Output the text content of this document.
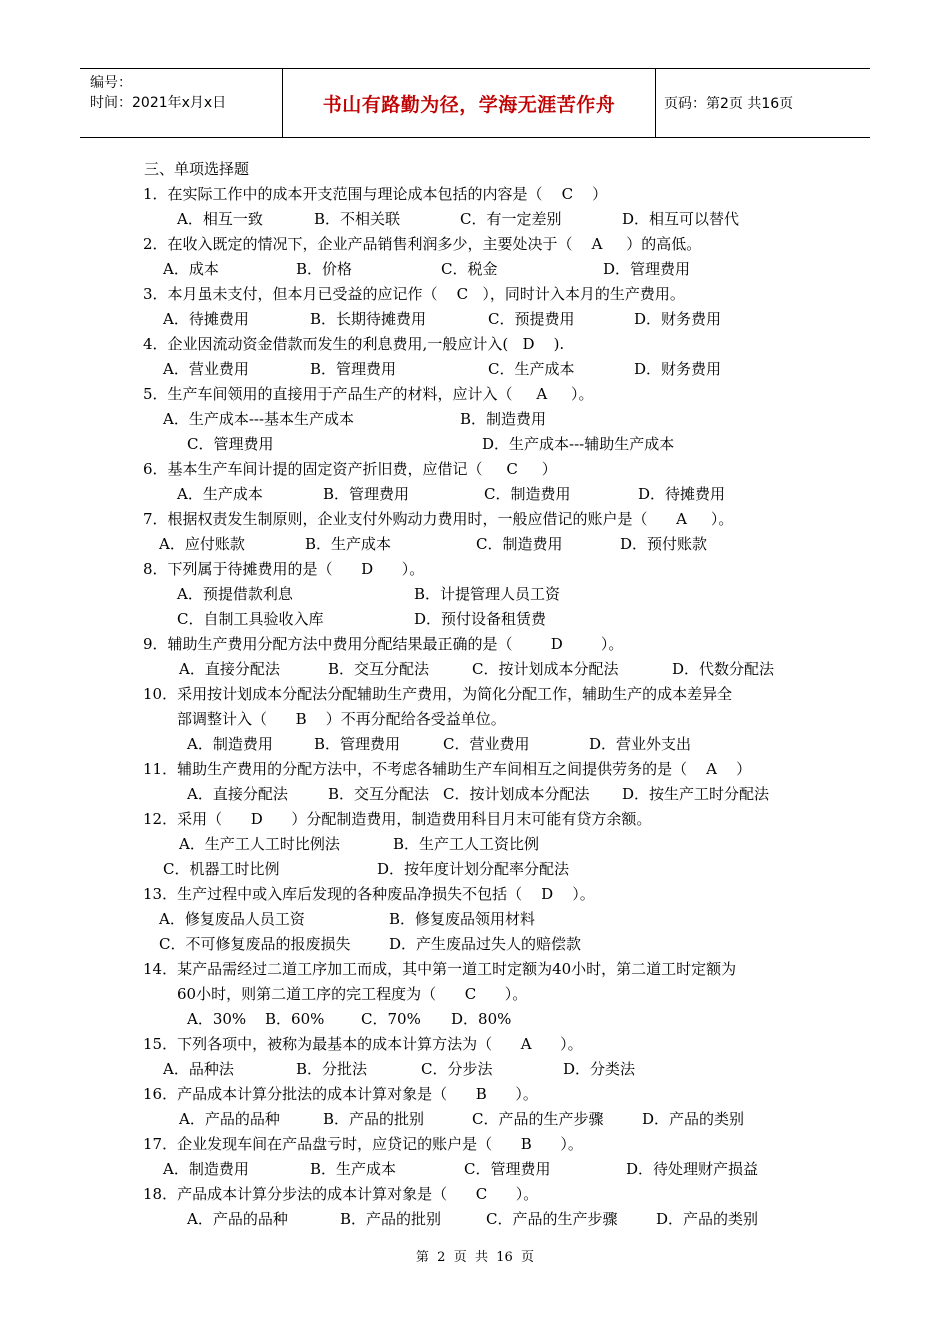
编号：
时间：2021年x月x日	书山有路勤为径，学海无涯苦作舟	页码：第2页 共16页
三、单项选择题
1．在实际工作中的成本开支范围与理论成本包括的内容是（    C    ）
A．相互一致	B．不相关联	C．有一定差别	D．相互可以替代
2．在收入既定的情况下，企业产品销售利润多少，主要处决于（    A     ）的高低。
A．成本	B．价格	C．税金	D．管理费用
3．本月虽未支付，但本月已受益的应记作（    C   ），同时计入本月的生产费用。
A．待摊费用	B．长期待摊费用	C．预提费用	D．财务费用
4．企业因流动资金借款而发生的利息费用,一般应计入(   D    ).
A．营业费用	B．管理费用	C．生产成本	D．财务费用
5．生产车间领用的直接用于产品生产的材料，应计入（     A     ）。
A．生产成本---基本生产成本	B．制造费用
C．管理费用	D．生产成本---辅助生产成本
6．基本生产车间计提的固定资产折旧费，应借记（     C     ）
A．生产成本	B．管理费用	C．制造费用	D．待摊费用
7．根据权责发生制原则，企业支付外购动力费用时，一般应借记的账户是（      A     ）。
A．应付账款	B．生产成本	C．制造费用	D．预付账款
8．下列属于待摊费用的是（      D      ）。
A．预提借款利息	B．计提管理人员工资
C．自制工具验收入库	D．预付设备租赁费
9．辅助生产费用分配方法中费用分配结果最正确的是（        D        ）。
A．直接分配法	B．交互分配法	C．按计划成本分配法	D．代数分配法
10．采用按计划成本分配法分配辅助生产费用，为简化分配工作，辅助生产的成本差异全
部调整计入（      B    ）不再分配给各受益单位。
A．制造费用	B．管理费用	C．营业费用	D．营业外支出
11．辅助生产费用的分配方法中，不考虑各辅助生产车间相互之间提供劳务的是（    A    ）
A．直接分配法	B．交互分配法 C．按计划成本分配法 D．按生产工时分配法
12．采用（      D      ）分配制造费用，制造费用科目月末可能有贷方余额。
A．生产工人工时比例法	B．生产工人工资比例
C．机器工时比例	D．按年度计划分配率分配法
13．生产过程中或入库后发现的各种废品净损失不包括（    D    ）。
A．修复废品人员工资	B．修复废品领用材料
C．不可修复废品的报废损失	D．产生废品过失人的赔偿款
14．某产品需经过二道工序加工而成，其中第一道工时定额为40小时，第二道工时定额为
60小时，则第二道工序的完工程度为（      C      ）。
A．30% B．60% C．70% D．80%
15．下列各项中，被称为最基本的成本计算方法为（      A      ）。
A．品种法	B．分批法	C．分步法	D．分类法
16．产品成本计算分批法的成本计算对象是（      B      ）。
A．产品的品种	B．产品的批别	C．产品的生产步骤	D．产品的类别
17．企业发现车间在产品盘亏时，应贷记的账户是（      B      ）。
A．制造费用	B．生产成本	C．管理费用	D．待处理财产损益
18．产品成本计算分步法的成本计算对象是（      C      ）。
A．产品的品种	B．产品的批别	C．产品的生产步骤	D．产品的类别
第  2  页  共  16  页
